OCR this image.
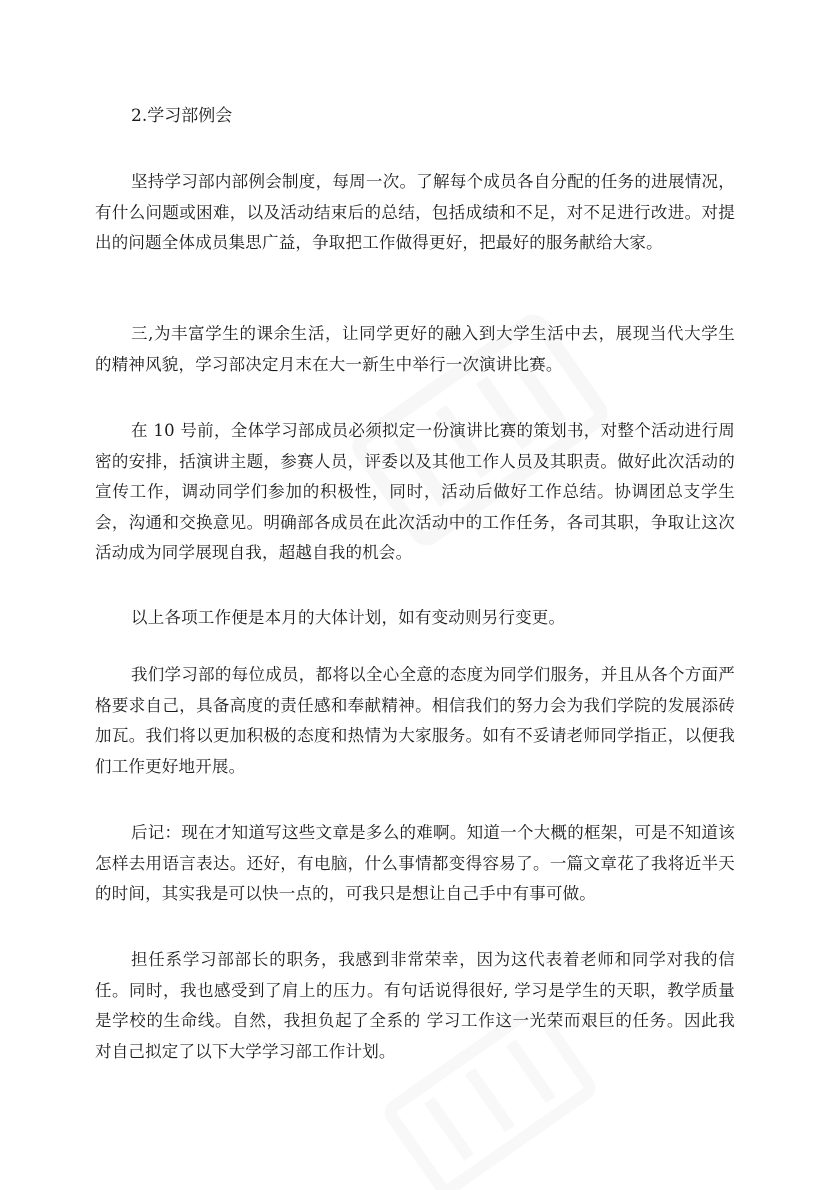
2.学习部例会

坚持学习部内部例会制度，每周一次。了解每个成员各自分配的任务的进展情况，有什么问题或困难，以及活动结束后的总结，包括成绩和不足，对不足进行改进。对提出的问题全体成员集思广益，争取把工作做得更好，把最好的服务献给大家。

三,为丰富学生的课余生活，让同学更好的融入到大学生活中去，展现当代大学生的精神风貌，学习部决定月末在大一新生中举行一次演讲比赛。

在 10 号前，全体学习部成员必须拟定一份演讲比赛的策划书，对整个活动进行周密的安排，括演讲主题，参赛人员，评委以及其他工作人员及其职责。做好此次活动的宣传工作，调动同学们参加的积极性，同时，活动后做好工作总结。协调团总支学生会，沟通和交换意见。明确部各成员在此次活动中的工作任务，各司其职，争取让这次活动成为同学展现自我，超越自我的机会。

以上各项工作便是本月的大体计划，如有变动则另行变更。

我们学习部的每位成员，都将以全心全意的态度为同学们服务，并且从各个方面严格要求自己，具备高度的责任感和奉献精神。相信我们的努力会为我们学院的发展添砖加瓦。我们将以更加积极的态度和热情为大家服务。如有不妥请老师同学指正，以便我们工作更好地开展。

后记：现在才知道写这些文章是多么的难啊。知道一个大概的框架，可是不知道该怎样去用语言表达。还好，有电脑，什么事情都变得容易了。一篇文章花了我将近半天的时间，其实我是可以快一点的，可我只是想让自己手中有事可做。

担任系学习部部长的职务，我感到非常荣幸，因为这代表着老师和同学对我的信任。同时，我也感受到了肩上的压力。有句话说得很好, 学习是学生的天职，教学质量是学校的生命线。自然，我担负起了全系的 学习工作这一光荣而艰巨的任务。因此我对自己拟定了以下大学学习部工作计划。
